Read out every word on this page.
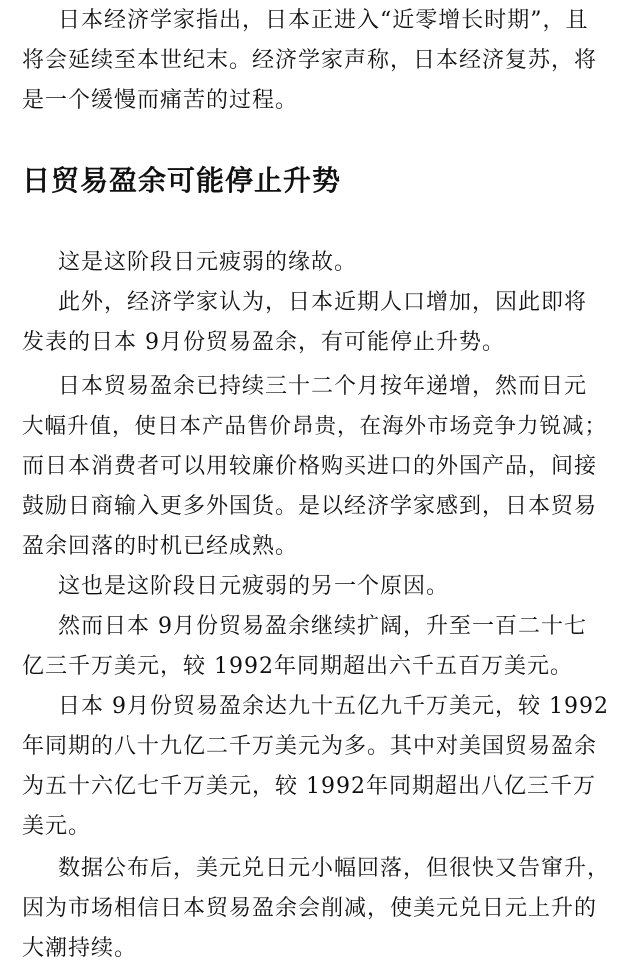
日本经济学家指出，日本正进入“近零增长时期”，且
将会延续至本世纪末。经济学家声称，日本经济复苏，将
是一个缓慢而痛苦的过程。
日贸易盈余可能停止升势
这是这阶段日元疲弱的缘故。
此外，经济学家认为，日本近期人口增加，因此即将
发表的日本 9月份贸易盈余，有可能停止升势。
日本贸易盈余已持续三十二个月按年递增，然而日元
大幅升值，使日本产品售价昂贵，在海外市场竞争力锐减；
而日本消费者可以用较廉价格购买进口的外国产品，间接
鼓励日商输入更多外国货。是以经济学家感到，日本贸易
盈余回落的时机已经成熟。
这也是这阶段日元疲弱的另一个原因。
然而日本 9月份贸易盈余继续扩阔，升至一百二十七
亿三千万美元，较 1992年同期超出六千五百万美元。
日本 9月份贸易盈余达九十五亿九千万美元，较 1992
年同期的八十九亿二千万美元为多。其中对美国贸易盈余
为五十六亿七千万美元，较 1992年同期超出八亿三千万
美元。
数据公布后，美元兑日元小幅回落，但很快又告窜升，
因为市场相信日本贸易盈余会削减，使美元兑日元上升的
大潮持续。
